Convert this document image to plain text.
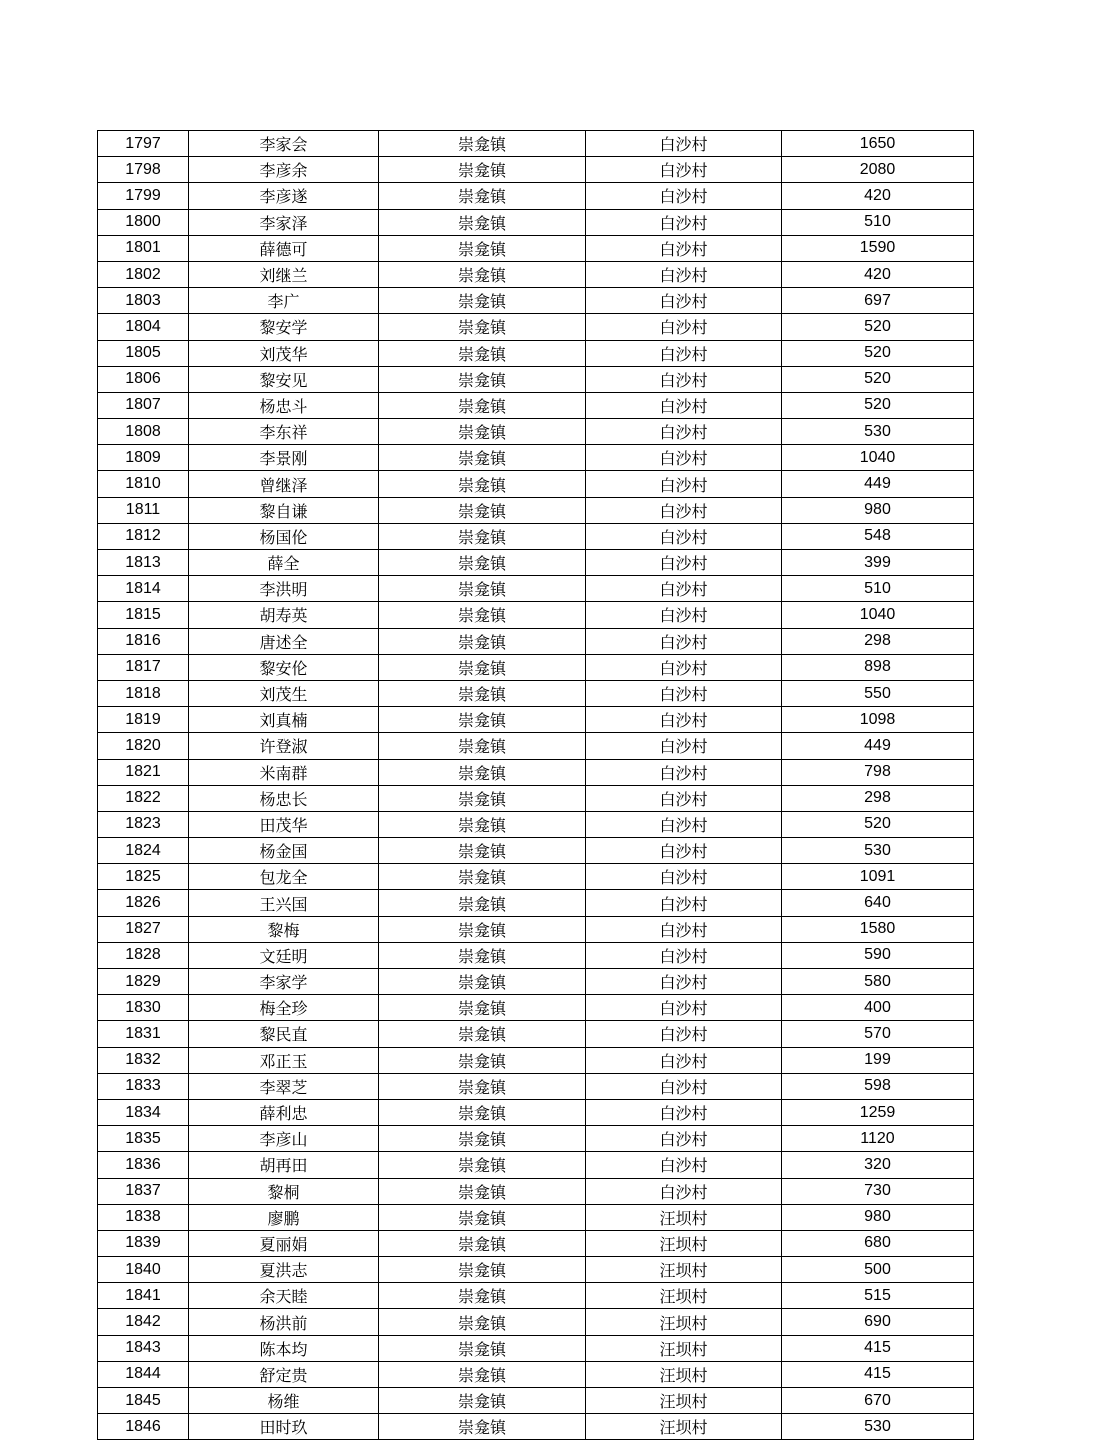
1797	李家会	崇龛镇	白沙村	1650
1798	李彦余	崇龛镇	白沙村	2080
1799	李彦遂	崇龛镇	白沙村	420
1800	李家泽	崇龛镇	白沙村	510
1801	薛德可	崇龛镇	白沙村	1590
1802	刘继兰	崇龛镇	白沙村	420
1803	李广	崇龛镇	白沙村	697
1804	黎安学	崇龛镇	白沙村	520
1805	刘茂华	崇龛镇	白沙村	520
1806	黎安见	崇龛镇	白沙村	520
1807	杨忠斗	崇龛镇	白沙村	520
1808	李东祥	崇龛镇	白沙村	530
1809	李景刚	崇龛镇	白沙村	1040
1810	曾继泽	崇龛镇	白沙村	449
1811	黎自谦	崇龛镇	白沙村	980
1812	杨国伦	崇龛镇	白沙村	548
1813	薛全	崇龛镇	白沙村	399
1814	李洪明	崇龛镇	白沙村	510
1815	胡寿英	崇龛镇	白沙村	1040
1816	唐述全	崇龛镇	白沙村	298
1817	黎安伦	崇龛镇	白沙村	898
1818	刘茂生	崇龛镇	白沙村	550
1819	刘真楠	崇龛镇	白沙村	1098
1820	许登淑	崇龛镇	白沙村	449
1821	米南群	崇龛镇	白沙村	798
1822	杨忠长	崇龛镇	白沙村	298
1823	田茂华	崇龛镇	白沙村	520
1824	杨金国	崇龛镇	白沙村	530
1825	包龙全	崇龛镇	白沙村	1091
1826	王兴国	崇龛镇	白沙村	640
1827	黎梅	崇龛镇	白沙村	1580
1828	文廷明	崇龛镇	白沙村	590
1829	李家学	崇龛镇	白沙村	580
1830	梅全珍	崇龛镇	白沙村	400
1831	黎民直	崇龛镇	白沙村	570
1832	邓正玉	崇龛镇	白沙村	199
1833	李翠芝	崇龛镇	白沙村	598
1834	薛利忠	崇龛镇	白沙村	1259
1835	李彦山	崇龛镇	白沙村	1120
1836	胡再田	崇龛镇	白沙村	320
1837	黎桐	崇龛镇	白沙村	730
1838	廖鹏	崇龛镇	汪坝村	980
1839	夏丽娟	崇龛镇	汪坝村	680
1840	夏洪志	崇龛镇	汪坝村	500
1841	余天睦	崇龛镇	汪坝村	515
1842	杨洪前	崇龛镇	汪坝村	690
1843	陈本均	崇龛镇	汪坝村	415
1844	舒定贵	崇龛镇	汪坝村	415
1845	杨维	崇龛镇	汪坝村	670
1846	田时玖	崇龛镇	汪坝村	530
